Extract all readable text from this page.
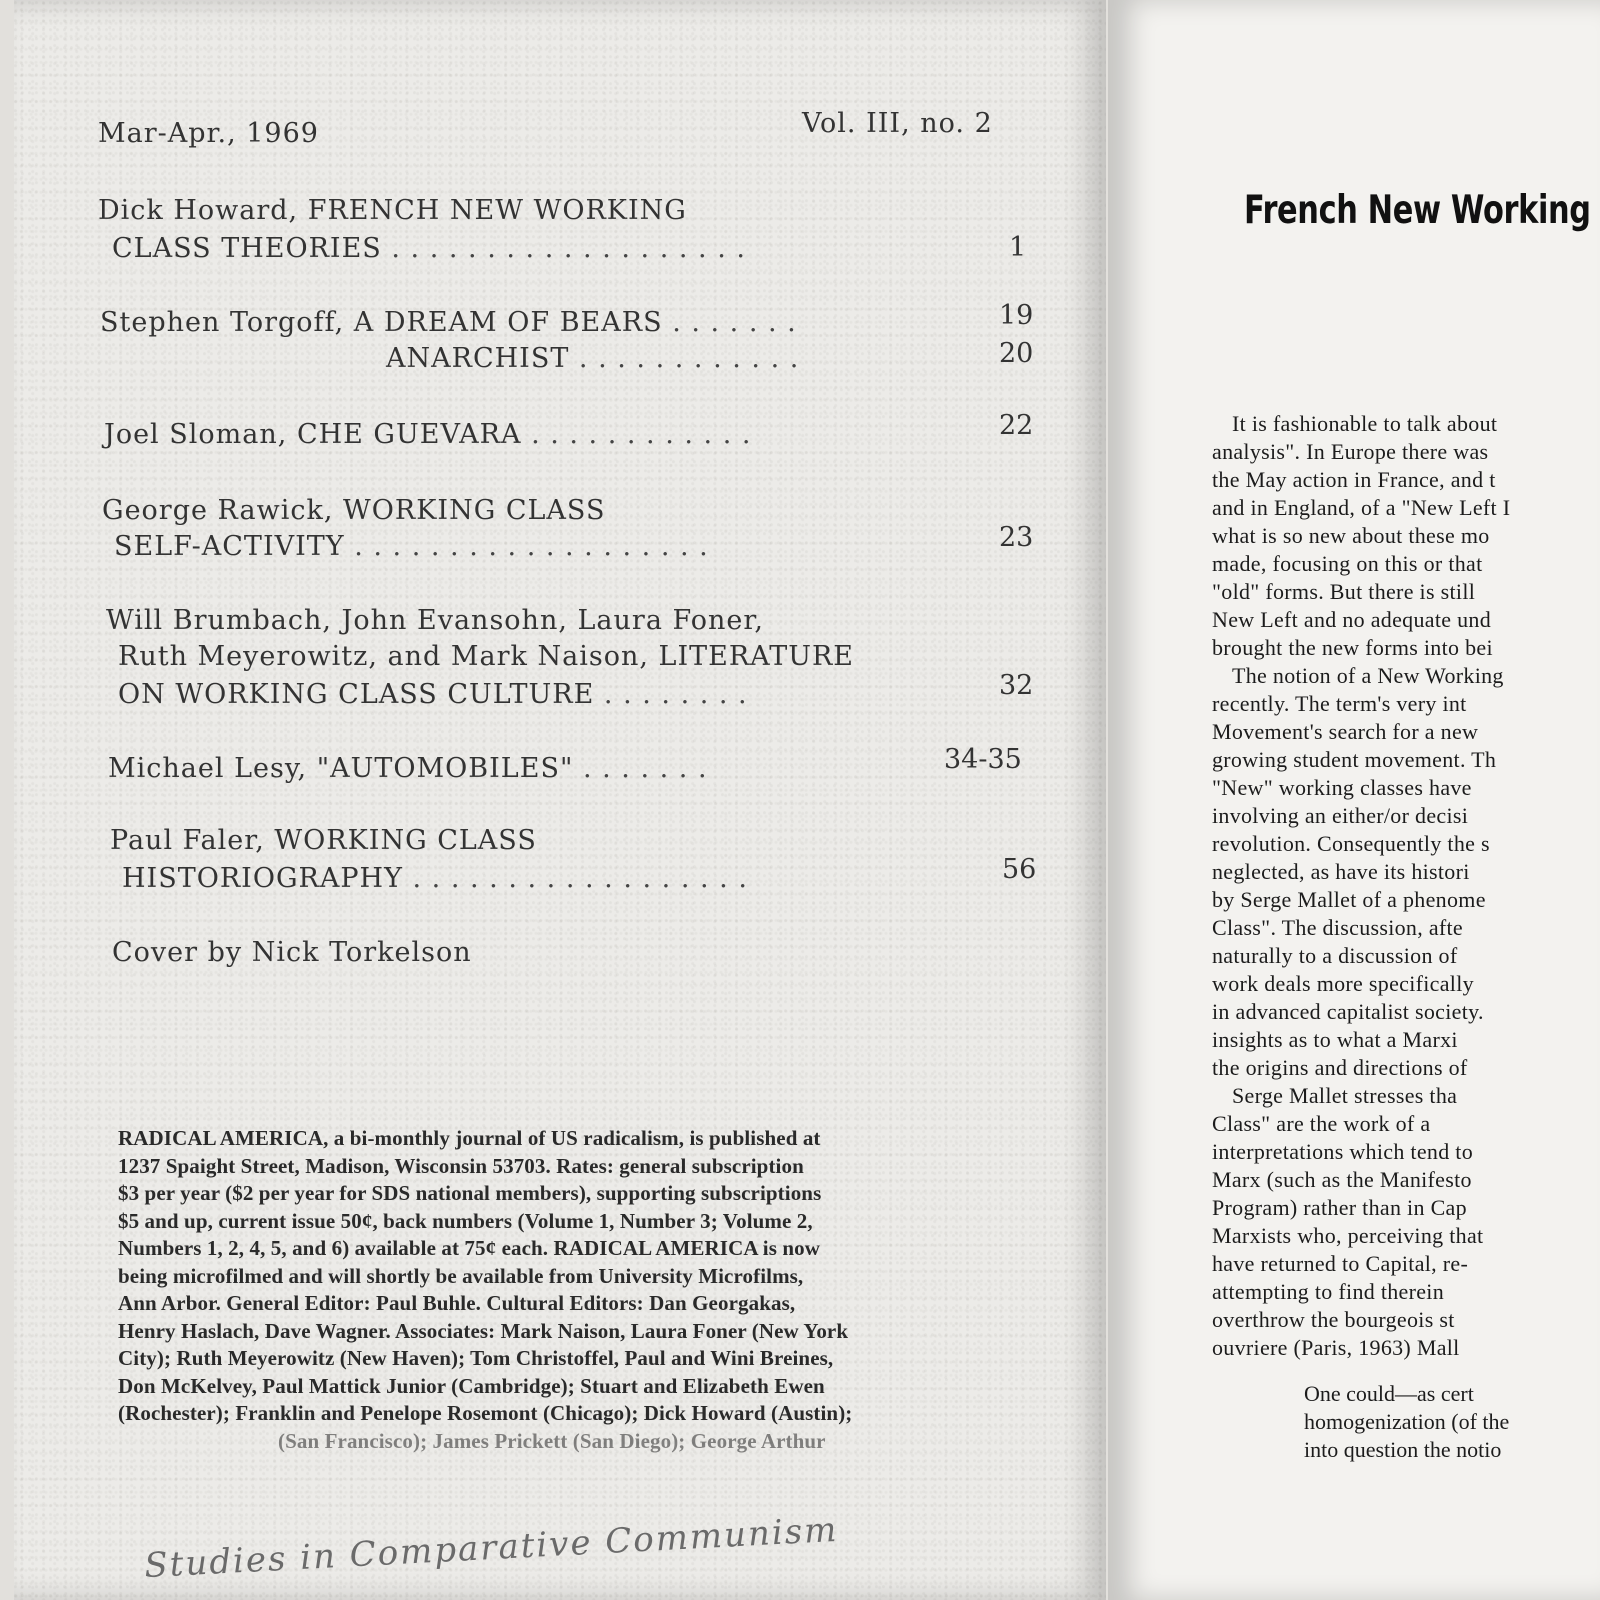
Mar-Apr., 1969	Vol. III, no. 2
Dick Howard, FRENCH NEW WORKING
CLASS THEORIES . . . . . . . . . . . . . . . . . . .	1
Stephen Torgoff, A DREAM OF BEARS . . . . . . .	19
ANARCHIST . . . . . . . . . . . .	20
Joel Sloman, CHE GUEVARA . . . . . . . . . . . .	22
George Rawick, WORKING CLASS
SELF-ACTIVITY . . . . . . . . . . . . . . . . . . .	23
Will Brumbach, John Evansohn, Laura Foner,
Ruth Meyerowitz, and Mark Naison, LITERATURE
ON WORKING CLASS CULTURE . . . . . . . .	32
Michael Lesy, "AUTOMOBILES" . . . . . . .	34-35
Paul Faler, WORKING CLASS
HISTORIOGRAPHY . . . . . . . . . . . . . . . . . .	56
Cover by Nick Torkelson
RADICAL AMERICA, a bi-monthly journal of US radicalism, is published at
1237 Spaight Street, Madison, Wisconsin 53703. Rates: general subscription
$3 per year ($2 per year for SDS national members), supporting subscriptions
$5 and up, current issue 50¢, back numbers (Volume 1, Number 3; Volume 2,
Numbers 1, 2, 4, 5, and 6) available at 75¢ each. RADICAL AMERICA is now
being microfilmed and will shortly be available from University Microfilms,
Ann Arbor. General Editor: Paul Buhle. Cultural Editors: Dan Georgakas,
Henry Haslach, Dave Wagner. Associates: Mark Naison, Laura Foner (New York
City); Ruth Meyerowitz (New Haven); Tom Christoffel, Paul and Wini Breines,
Don McKelvey, Paul Mattick Junior (Cambridge); Stuart and Elizabeth Ewen
(Rochester); Franklin and Penelope Rosemont (Chicago); Dick Howard (Austin);
(San Francisco); James Prickett (San Diego); George Arthur
Studies in Comparative Communism
French New Working
It is fashionable to talk about
analysis". In Europe there was
the May action in France, and t
and in England, of a "New Left I
what is so new about these mo
made, focusing on this or that
"old" forms. But there is still
New Left and no adequate und
brought the new forms into bei
The notion of a New Working
recently. The term's very int
Movement's search for a new
growing student movement. Th
"New" working classes have
involving an either/or decisi
revolution. Consequently the s
neglected, as have its histori
by Serge Mallet of a phenome
Class". The discussion, afte
naturally to a discussion of
work deals more specifically
in advanced capitalist society.
insights as to what a Marxi
the origins and directions of
Serge Mallet stresses tha
Class" are the work of a
interpretations which tend to
Marx (such as the Manifesto
Program) rather than in Cap
Marxists who, perceiving that
have returned to Capital, re-
attempting to find therein
overthrow the bourgeois st
ouvriere (Paris, 1963) Mall
One could—as cert
homogenization (of the
into question the notio
